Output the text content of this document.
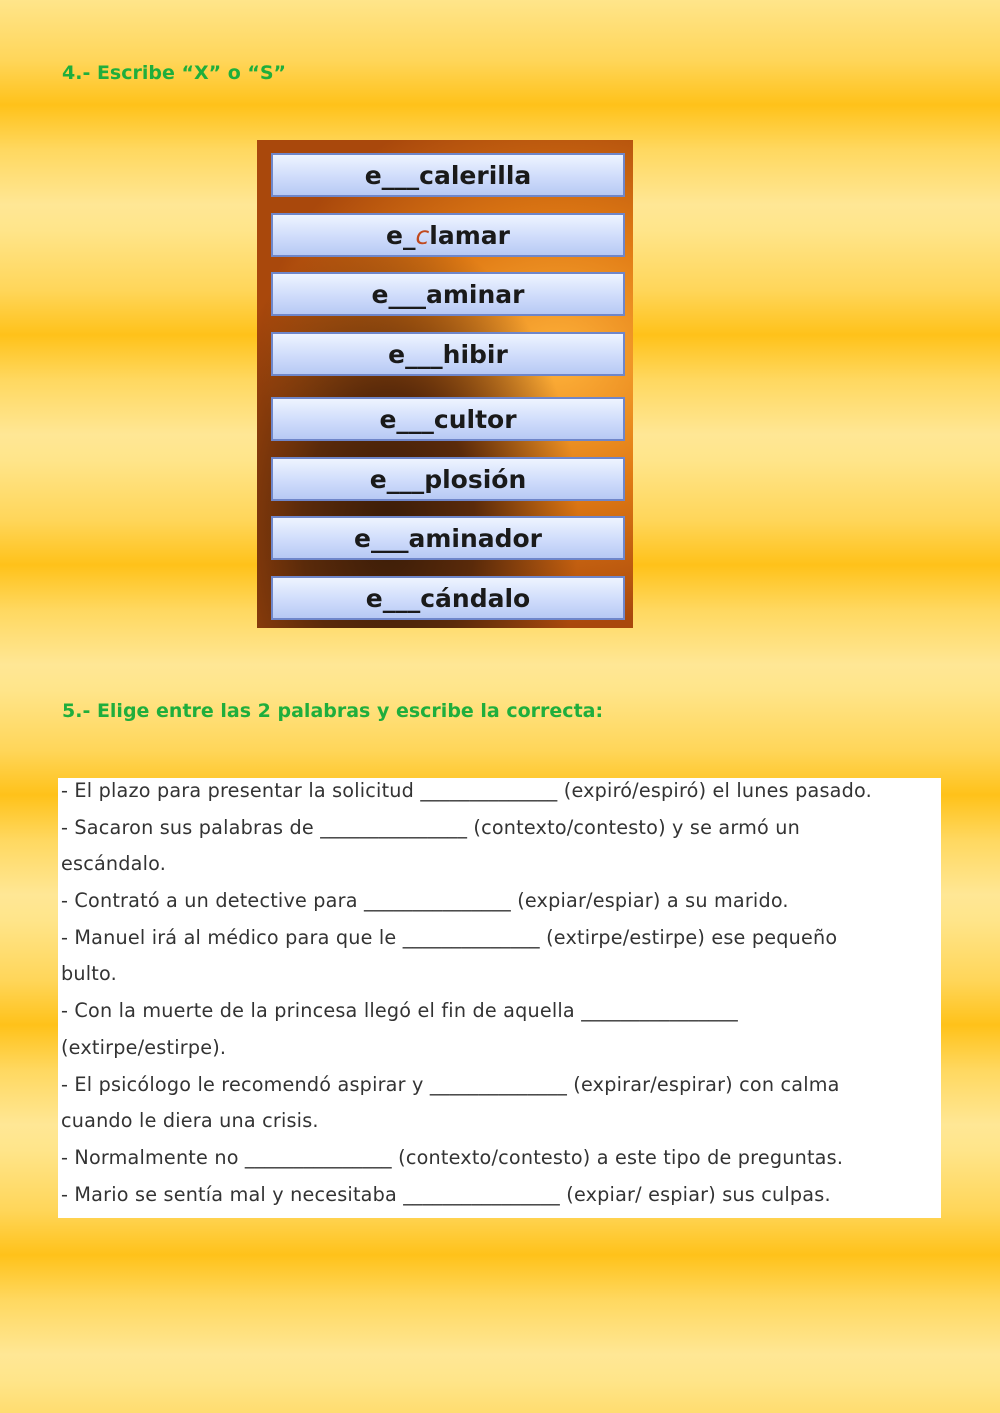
4.- Escribe “X” o “S”
e___ calerilla
e_ c lamar
e___ aminar
e___ hibir
e___ cultor
e___ plosión
e___ aminador
e___ cándalo
5.- Elige entre las 2 palabras y escribe la correcta:
- El plazo para presentar la solicitud ______________ (expiró/espiró) el lunes pasado.
- Sacaron sus palabras de _______________ (contexto/contesto) y se armó un
escándalo.
- Contrató a un detective para _______________ (expiar/espiar) a su marido.
- Manuel irá al médico para que le ______________ (extirpe/estirpe) ese pequeño
bulto.
- Con la muerte de la princesa llegó el fin de aquella ________________
(extirpe/estirpe).
- El psicólogo le recomendó aspirar y ______________ (expirar/espirar) con calma
cuando le diera una crisis.
- Normalmente no _______________ (contexto/contesto) a este tipo de preguntas.
- Mario se sentía mal y necesitaba ________________ (expiar/ espiar) sus culpas.
